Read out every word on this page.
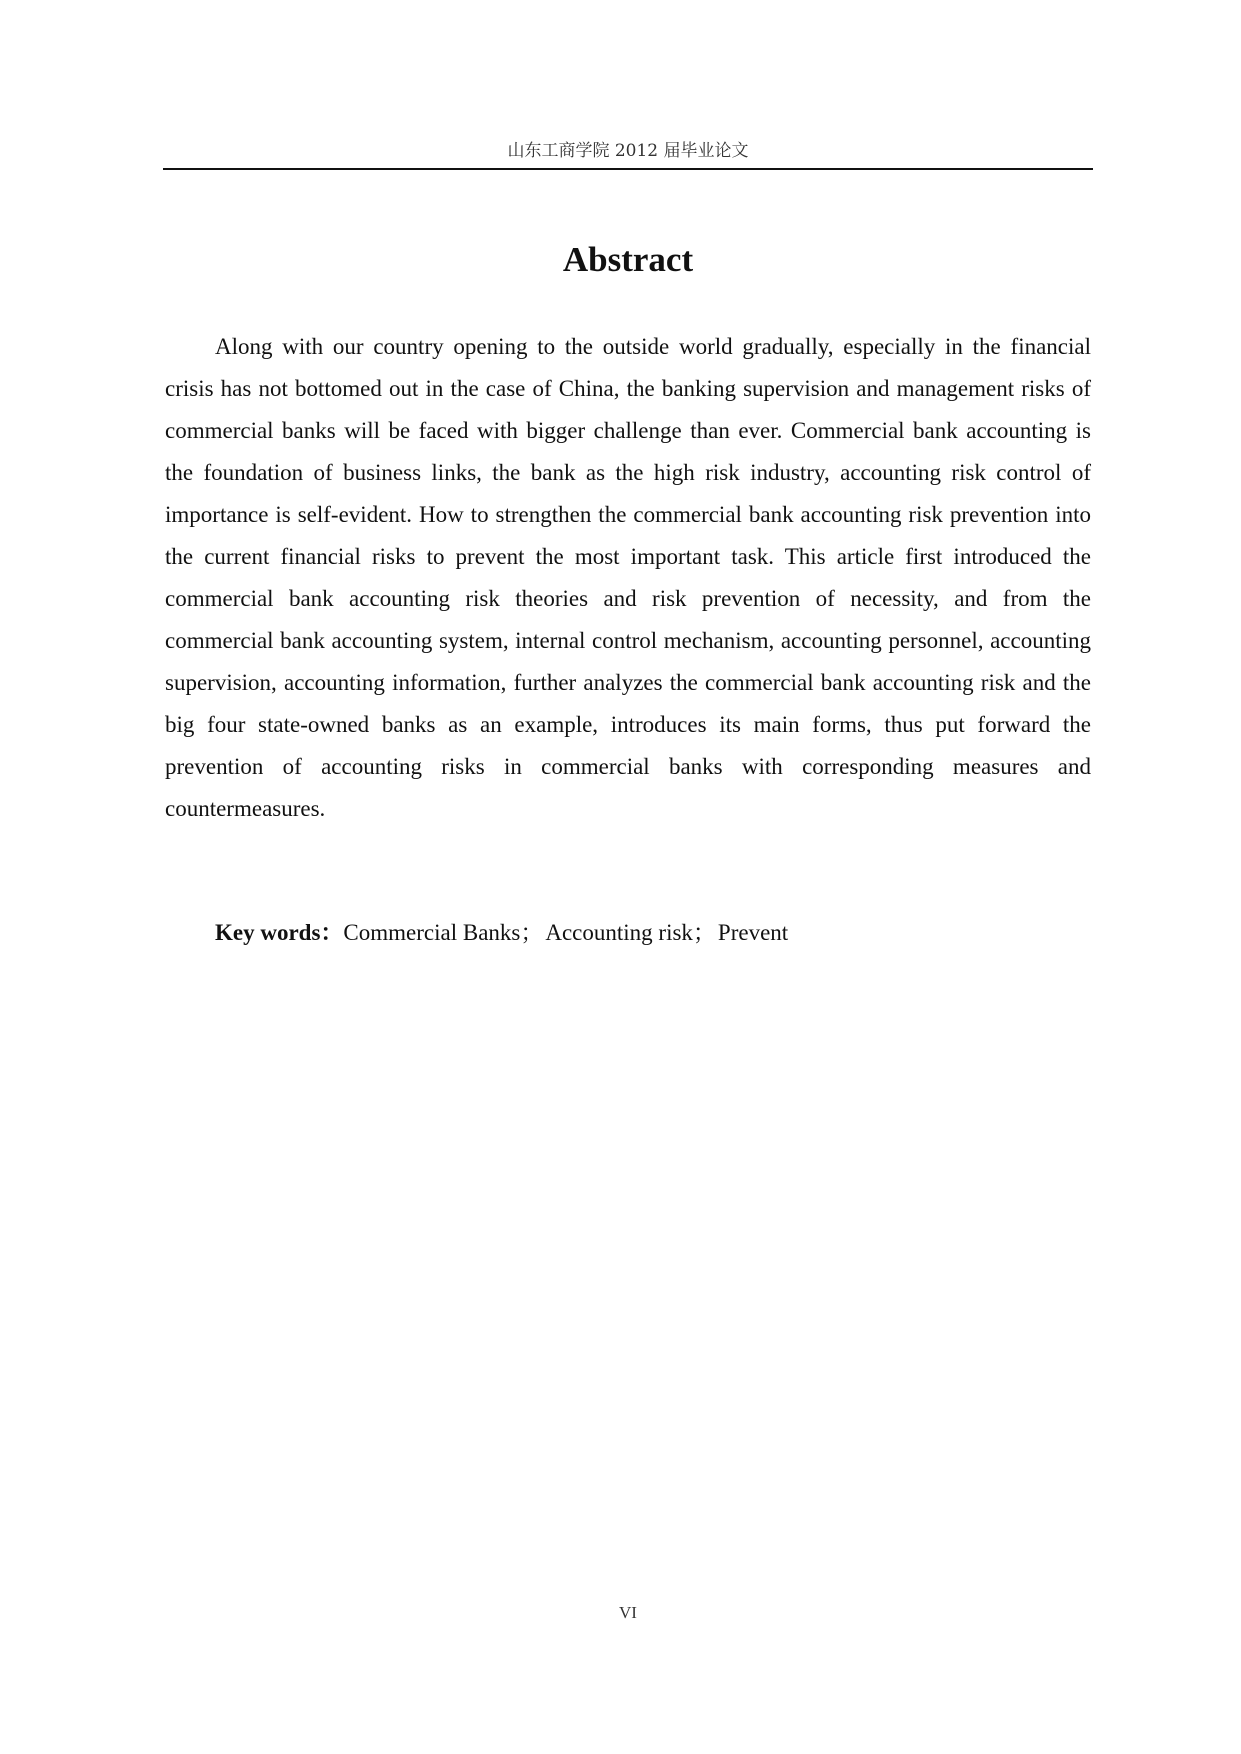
山东工商学院 2012 届毕业论文
Abstract

Along with our country opening to the outside world gradually, especially in the financial crisis has not bottomed out in the case of China, the banking supervision and management risks of commercial banks will be faced with bigger challenge than ever. Commercial bank accounting is the foundation of business links, the bank as the high risk industry, accounting risk control of importance is self-evident. How to strengthen the commercial bank accounting risk prevention into the current financial risks to prevent the most important task. This article first introduced the commercial bank accounting risk theories and risk prevention of necessity, and from the commercial bank accounting system, internal control mechanism, accounting personnel, accounting supervision, accounting information, further analyzes the commercial bank accounting risk and the big four state-owned banks as an example, introduces its main forms, thus put forward the prevention of accounting risks in commercial banks with corresponding measures and countermeasures.

Key words：Commercial Banks；Accounting risk；Prevent
VI
